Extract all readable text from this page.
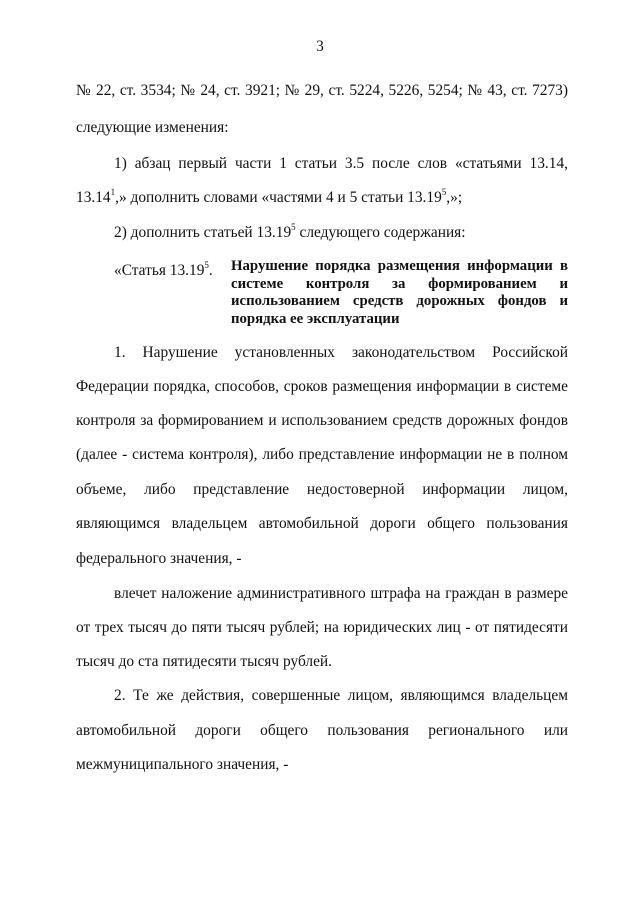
3
№ 22, ст. 3534; № 24, ст. 3921; № 29, ст. 5224, 5226, 5254; № 43, ст. 7273)
следующие изменения:
1) абзац первый части 1 статьи 3.5 после слов «статьями 13.14,
13.14$^1$,» дополнить словами «частями 4 и 5 статьи 13.19$^5$,»;
2) дополнить статьей 13.19$^5$ следующего содержания:
«Статья 13.19$^5$. Нарушение порядка размещения информации в системе контроля за формированием и использованием средств дорожных фондов и порядка ее эксплуатации
1. Нарушение установленных законодательством Российской
Федерации порядка, способов, сроков размещения информации в системе
контроля за формированием и использованием средств дорожных фондов
(далее - система контроля), либо представление информации не в полном
объеме, либо представление недостоверной информации лицом,
являющимся владельцем автомобильной дороги общего пользования
федерального значения, -
влечет наложение административного штрафа на граждан в размере
от трех тысяч до пяти тысяч рублей; на юридических лиц - от пятидесяти
тысяч до ста пятидесяти тысяч рублей.
2. Те же действия, совершенные лицом, являющимся владельцем
автомобильной дороги общего пользования регионального или
межмуниципального значения, -
